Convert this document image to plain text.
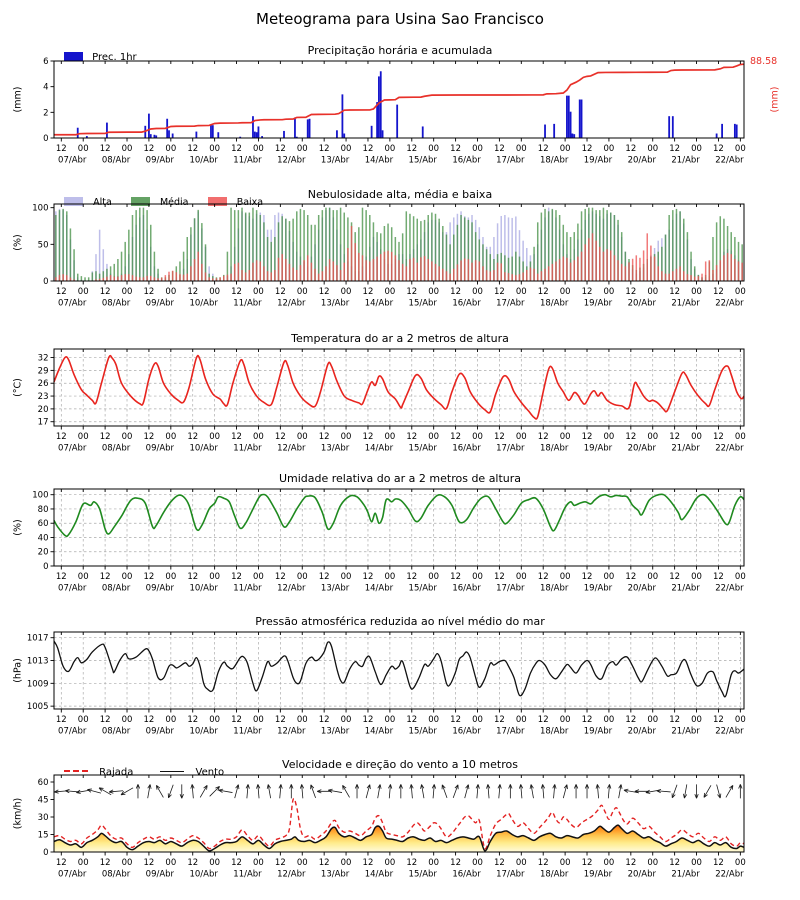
Meteograma para Usina Sao Francisco
Precipitação horária e acumulada
Prec. 1hr
(mm)
88.58
(mm)
12 00 12 00 12 00 12 00 12 00 12 00 12 00 12 00 12 00 12 00 12 00 12 00 12 00 12 00 12 00 12 00
07/Abr 08/Abr 09/Abr 10/Abr 11/Abr 12/Abr 13/Abr 14/Abr 15/Abr 16/Abr 17/Abr 18/Abr 19/Abr 20/Abr 21/Abr 22/Abr
0
2
4
6
Nebulosidade alta, média e baixa
Alta	Média	Baixa
(%)
12 00 12 00 12 00 12 00 12 00 12 00 12 00 12 00 12 00 12 00 12 00 12 00 12 00 12 00 12 00 12 00
07/Abr 08/Abr 09/Abr 10/Abr 11/Abr 12/Abr 13/Abr 14/Abr 15/Abr 16/Abr 17/Abr 18/Abr 19/Abr 20/Abr 21/Abr 22/Abr
0
50
100
Temperatura do ar a 2 metros de altura
(°C)
12 00 12 00 12 00 12 00 12 00 12 00 12 00 12 00 12 00 12 00 12 00 12 00 12 00 12 00 12 00 12 00
07/Abr 08/Abr 09/Abr 10/Abr 11/Abr 12/Abr 13/Abr 14/Abr 15/Abr 16/Abr 17/Abr 18/Abr 19/Abr 20/Abr 21/Abr 22/Abr
17
20
23
26
29
32
Umidade relativa do ar a 2 metros de altura
(%)
12 00 12 00 12 00 12 00 12 00 12 00 12 00 12 00 12 00 12 00 12 00 12 00 12 00 12 00 12 00 12 00
07/Abr 08/Abr 09/Abr 10/Abr 11/Abr 12/Abr 13/Abr 14/Abr 15/Abr 16/Abr 17/Abr 18/Abr 19/Abr 20/Abr 21/Abr 22/Abr
0
20
40
60
80
100
Pressão atmosférica reduzida ao nível médio do mar
(hPa)
12 00 12 00 12 00 12 00 12 00 12 00 12 00 12 00 12 00 12 00 12 00 12 00 12 00 12 00 12 00 12 00
07/Abr 08/Abr 09/Abr 10/Abr 11/Abr 12/Abr 13/Abr 14/Abr 15/Abr 16/Abr 17/Abr 18/Abr 19/Abr 20/Abr 21/Abr 22/Abr
1005
1009
1013
1017
Velocidade e direção do vento a 10 metros
Rajada	Vento
(km/h)
12 00 12 00 12 00 12 00 12 00 12 00 12 00 12 00 12 00 12 00 12 00 12 00 12 00 12 00 12 00 12 00
07/Abr 08/Abr 09/Abr 10/Abr 11/Abr 12/Abr 13/Abr 14/Abr 15/Abr 16/Abr 17/Abr 18/Abr 19/Abr 20/Abr 21/Abr 22/Abr
0
15
30
45
60
